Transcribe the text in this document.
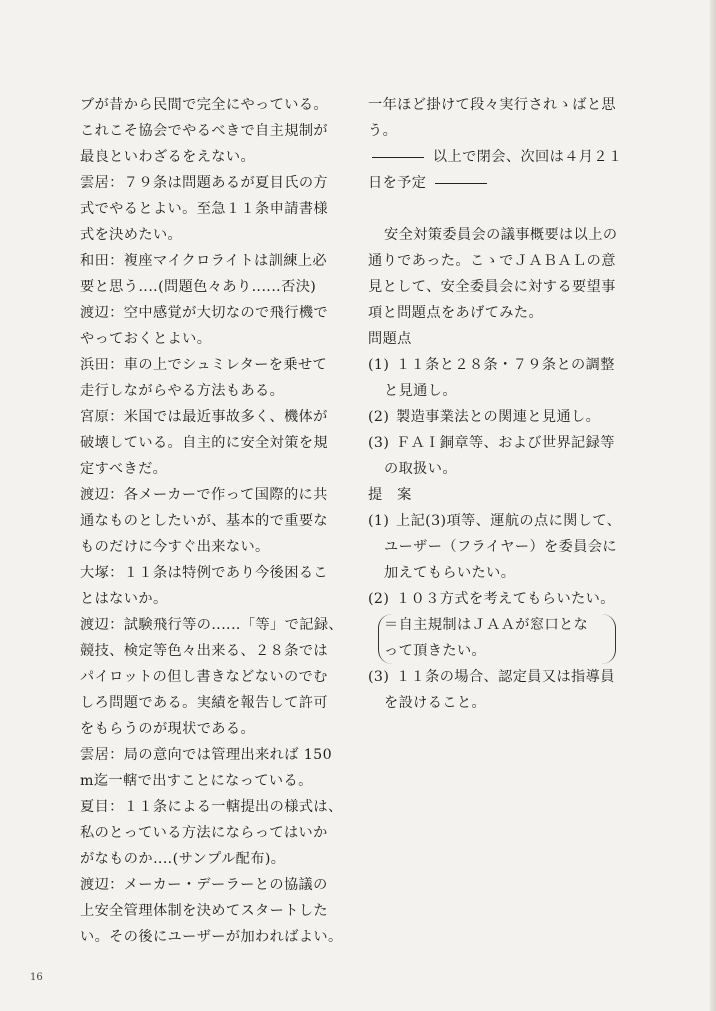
ブが昔から民間で完全にやっている。
これこそ協会でやるべきで自主規制が
最良といわざるをえない。
雲居：７９条は問題あるが夏目氏の方
式でやるとよい。至急１１条申請書様
式を決めたい。
和田：複座マイクロライトは訓練上必
要と思う‥‥(問題色々あり‥‥‥否決)
渡辺：空中感覚が大切なので飛行機で
やっておくとよい。
浜田：車の上でシュミレターを乗せて
走行しながらやる方法もある。
宮原：米国では最近事故多く、機体が
破壊している。自主的に安全対策を規
定すべきだ。
渡辺：各メーカーで作って国際的に共
通なものとしたいが、基本的で重要な
ものだけに今すぐ出来ない。
大塚：１１条は特例であり今後困るこ
とはないか。
渡辺：試験飛行等の‥‥‥「等」で記録、
競技、検定等色々出来る、２８条では
パイロットの但し書きなどないのでむ
しろ問題である。実績を報告して許可
をもらうのが現状である。
雲居：局の意向では管理出来れば 150
m迄一轄で出すことになっている。
夏目：１１条による一轄提出の様式は、
私のとっている方法にならってはいか
がなものか‥‥(サンプル配布)。
渡辺：メーカー・デーラーとの協議の
上安全管理体制を決めてスタートした
い。その後にユーザーが加わればよい。
一年ほど掛けて段々実行されゝばと思
う。
以上で閉会、次回は４月２１
日を予定
安全対策委員会の議事概要は以上の
通りであった。こゝでＪＡＢＡＬの意
見として、安全委員会に対する要望事
項と問題点をあげてみた。
問題点
(1) １１条と２８条・７９条との調整
と見通し。
(2) 製造事業法との関連と見通し。
(3) ＦＡＩ銅章等、および世界記録等
の取扱い。
提　案
(1) 上記(3)項等、運航の点に関して、
ユーザー（フライヤー）を委員会に
加えてもらいたい。
(2) １０３方式を考えてもらいたい。
＝自主規制はＪＡＡが窓口とな
って頂きたい。
(3) １１条の場合、認定員又は指導員
を設けること。
16
